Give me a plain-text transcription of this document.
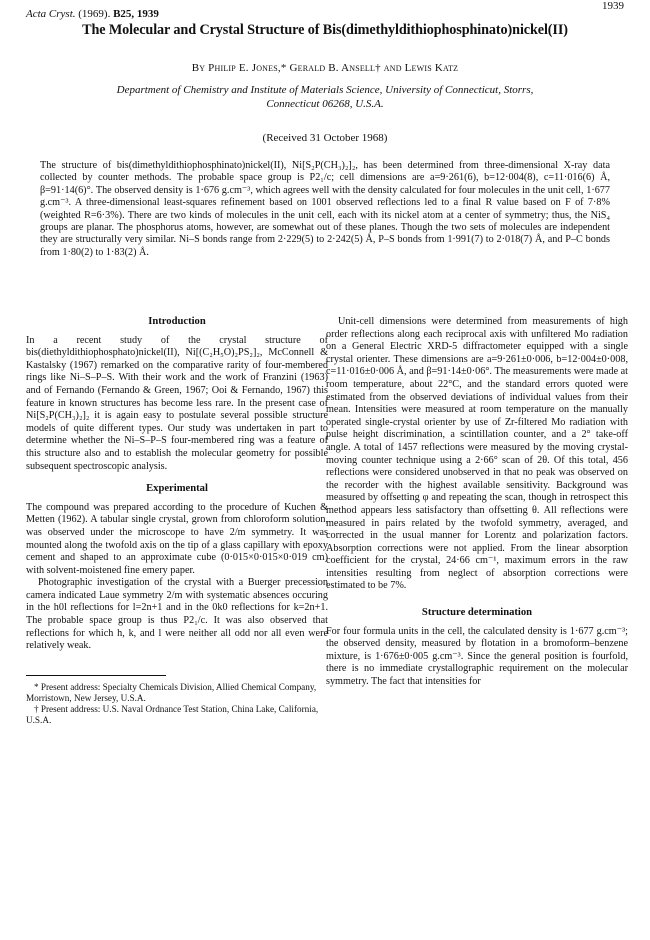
1939
Acta Cryst. (1969). B25, 1939
The Molecular and Crystal Structure of Bis(dimethyldithiophosphinato)nickel(II)
By Philip E. Jones,* Gerald B. Ansell† and Lewis Katz
Department of Chemistry and Institute of Materials Science, University of Connecticut, Storrs,
Connecticut 06268, U.S.A.
(Received 31 October 1968)
The structure of bis(dimethyldithiophosphinato)nickel(II), Ni[S₂P(CH₃)₂]₂, has been determined from three-dimensional X-ray data collected by counter methods. The probable space group is P2₁/c; cell dimensions are a=9·261(6), b=12·004(8), c=11·016(6) Å, β=91·14(6)°. The observed density is 1·676 g.cm⁻³, which agrees well with the density calculated for four molecules in the unit cell, 1·677 g.cm⁻³. A three-dimensional least-squares refinement based on 1001 observed reflections led to a final R value based on F of 7·8% (weighted R=6·3%). There are two kinds of molecules in the unit cell, each with its nickel atom at a center of symmetry; thus, the NiS₄ groups are planar. The phosphorus atoms, however, are somewhat out of these planes. Though the two sets of molecules are independent they are structurally very similar. Ni–S bonds range from 2·229(5) to 2·242(5) Å, P–S bonds from 1·991(7) to 2·018(7) Å, and P–C bonds from 1·80(2) to 1·83(2) Å.

Introduction

In a recent study of the crystal structure of bis(diethyldithiophosphato)nickel(II), Ni[(C₂H₅O)₂PS₂]₂, McConnell & Kastalsky (1967) remarked on the comparative rarity of four-membered rings like Ni–S–P–S. With their work and the work of Franzini (1963) and of Fernando (Fernando & Green, 1967; Ooi & Fernando, 1967) this feature in known structures has become less rare. In the present case of Ni[S₂P(CH₃)₂]₂ it is again easy to postulate several possible structure models of quite different types. Our study was undertaken in part to determine whether the Ni–S–P–S four-membered ring was a feature of this structure also and to establish the molecular geometry for possible subsequent spectroscopic analysis.

Experimental

The compound was prepared according to the procedure of Kuchen & Metten (1962). A tabular single crystal, grown from chloroform solution, was observed under the microscope to have 2/m symmetry. It was mounted along the twofold axis on the tip of a glass capillary with epoxy cement and shaped to an approximate cube (0·015×0·015×0·019 cm) with solvent-moistened fine emery paper.

Photographic investigation of the crystal with a Buerger precession camera indicated Laue symmetry 2/m with systematic absences occuring in the h0l reflections for l=2n+1 and in the 0k0 reflections for k=2n+1. The probable space group is thus P2₁/c. It was also observed that reflections for which h, k, and l were neither all odd nor all even were relatively weak.

* Present address: Specialty Chemicals Division, Allied Chemical Company, Morristown, New Jersey, U.S.A.

† Present address: U.S. Naval Ordnance Test Station, China Lake, California, U.S.A.

Unit-cell dimensions were determined from measurements of high order reflections along each reciprocal axis with unfiltered Mo radiation on a General Electric XRD-5 diffractometer equipped with a single crystal orienter. These dimensions are a=9·261±0·006, b=12·004±0·008, c=11·016±0·006 Å, and β=91·14±0·06°. The measurements were made at room temperature, about 22°C, and the standard errors quoted were estimated from the observed deviations of individual values from their mean. Intensities were measured at room temperature on the manually operated single-crystal orienter by use of Zr-filtered Mo radiation with pulse height discrimination, a scintillation counter, and a 2° take-off angle. A total of 1457 reflections were measured by the moving crystal-moving counter technique using a 2·66° scan of 2θ. Of this total, 456 reflections were considered unobserved in that no peak was observed on the recorder with the highest available sensitivity. Background was measured by offsetting φ and repeating the scan, though in retrospect this method appears less satisfactory than offsetting θ. All reflections were measured in pairs related by the twofold symmetry, averaged, and corrected in the usual manner for Lorentz and polarization factors. Absorption corrections were not applied. From the linear absorption coefficient for the crystal, 24·66 cm⁻¹, maximum errors in the raw intensities resulting from neglect of absorption corrections were estimated to be 7%.

Structure determination

For four formula units in the cell, the calculated density is 1·677 g.cm⁻³; the observed density, measured by flotation in a bromoform–benzene mixture, is 1·676±0·005 g.cm⁻³. Since the general position is fourfold, there is no immediate crystallographic requirement on the molecular symmetry. The fact that intensities for
